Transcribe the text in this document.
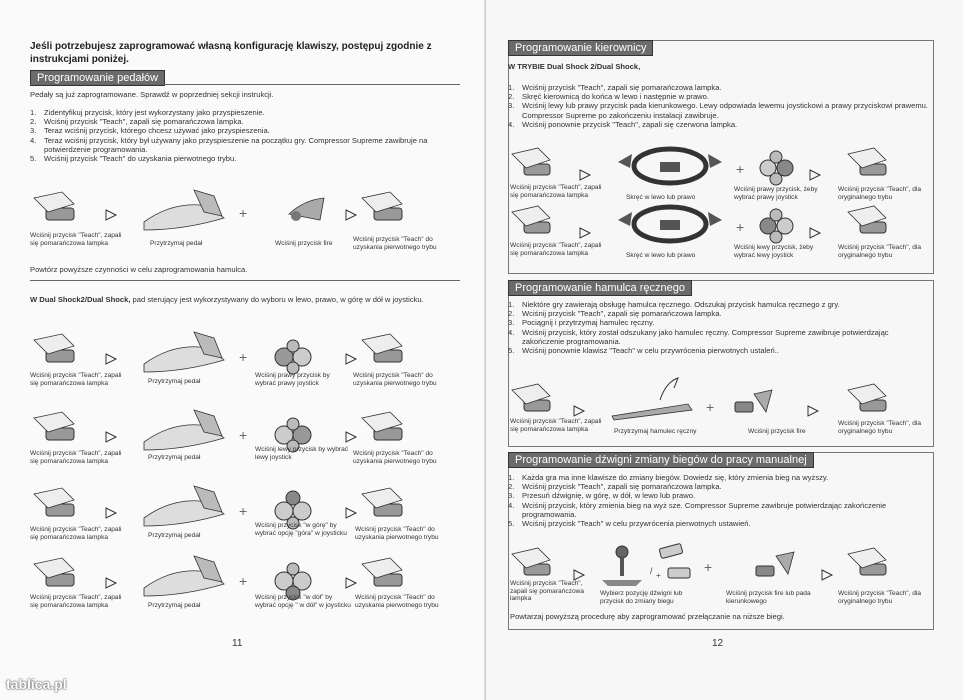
Jeśli potrzebujesz zaprogramować własną konfigurację klawiszy, postępuj zgodnie z instrukcjami poniżej.
Programowanie pedałów
Pedały są już zaprogramowane. Sprawdź w poprzedniej sekcji instrukcji.
1.	Zidentyfikuj przycisk, który jest wykorzystany jako przyspieszenie.
2.	Wciśnij przycisk "Teach", zapali się pomarańczowa lampka.
3.	Teraz wciśnij przycisk, którego chcesz używać jako przyspieszenia.
4.	Teraz wciśnij przycisk, który był używany jako przyspieszenie na początku gry. Compressor Supreme zawibruje na potwierdzenie programowania.
5.	Wciśnij przycisk "Teach" do uzyskania pierwotnego trybu.
+
Wciśnij przycisk "Teach", zapali się pomarańczowa lampka	Przytrzymaj pedał	Wciśnij przycisk fire
Wciśnij przycisk "Teach" do uzyskania pierwotnego trybu
Powtórz powyższe czynności w celu zaprogramowania hamulca.
W Dual Shock2/Dual Shock, pad sterujący jest wykorzystywany do wyboru w lewo, prawo, w górę w dół w joysticku.
+
Wciśnij przycisk "Teach", zapali się pomarańczowa lampka	Przytrzymaj pedał
Wciśnij prawy przycisk by wybrać prawy joystick
Wciśnij przycisk "Teach" do uzyskania pierwotnego trybu
+
Wciśnij przycisk "Teach", zapali się pomarańczowa lampka
Przytrzymaj pedał
Wciśnij lewy przycisk by wybrać lewy joystick
Wciśnij przycisk "Teach" do uzyskania pierwotnego trybu
+
Wciśnij przycisk "Teach", zapali się pomarańczowa lampka	Przytrzymaj pedał
Wciśnij przycisk "w górę" by wybrać opcję "góra" w joysticku
Wciśnij przycisk "Teach" do uzyskania pierwotnego trybu
+
Wciśnij przycisk "Teach", zapali się pomarańczowa lampka	Przytrzymaj pedał
Wciśnij przycisk "w dół" by wybrać opcję " w dół" w joysticku
Wciśnij przycisk "Teach" do uzyskania pierwotnego trybu
11
Programowanie kierownicy
W TRYBIE Dual Shock 2/Dual Shock,
1.	Wciśnij przycisk "Teach", zapali się pomarańczowa lampka.
2.	Skręć kierownicą do końca w lewo i następnie w prawo.
3.	Wciśnij lewy lub prawy przycisk pada kierunkowego. Lewy odpowiada lewemu joystickowi a prawy przyciskowi prawemu. Compressor Supreme po zakończeniu instalacji zawibruje.
4.	Wciśnij ponownie przycisk "Teach", zapali się czerwona lampka.
+
+
Wciśnij przycisk "Teach", zapali się pomarańczowa lampka	Skręć w lewo lub prawo
Wciśnij prawy przycisk, żeby wybrać prawy joystick
Wciśnij przycisk "Teach", dla oryginalnego trybu
Wciśnij przycisk "Teach", zapali się pomarańczowa lampka	Skręć w lewo lub prawo
Wciśnij lewy przycisk, żeby wybrać lewy joystick
Wciśnij przycisk "Teach", dla oryginalnego trybu
Programowanie hamulca ręcznego
1.	Niektóre gry zawierają obsługę hamulca ręcznego. Odszukaj przycisk hamulca ręcznego z gry.
2.	Wciśnij przycisk "Teach", zapali się pomarańczowa lampka.
3.	Pociągnij i przytrzymaj hamulec ręczny.
4.	Wciśnij przycisk, który został odszukany jako hamulec ręczny. Compressor Supreme zawibruje potwierdzając zakończenie programowania.
5.	Wciśnij ponownie klawisz "Teach" w celu przywrócenia pierwotnych ustaleń..
+
Wciśnij przycisk "Teach", zapali się pomarańczowa lampka	Przytrzymaj hamulec ręczny	Wciśnij przycisk fire
Wciśnij przycisk "Teach", dla oryginalnego trybu
Programowanie dźwigni zmiany biegów do pracy manualnej
1.	Każda gra ma inne klawisze do zmiany biegów. Dowiedz się, który zmienia bieg na wyższy.
2.	Wciśnij przycisk "Teach", zapali się pomarańczowa lampka.
3.	Przesuń dźwignię, w górę, w dół, w lewo lub prawo.
4.	Wciśnij przycisk, który zmienia bieg na wyż sze. Compressor Supreme zawibruje potwierdzając zakończenie programowania.
5.	Wciśnij przycisk "Teach" w celu przywrócenia pierwotnych ustawień.
/ +
+
Wciśnij przycisk "Teach", zapali się pomarańczowa lampka
Wybierz pozycję dźwigni lub przycisk do zmiany biegu
Wciśnij przycisk fire lub pada kierunkowego
Wciśnij przycisk "Teach", dla oryginalnego trybu
Powtarzaj powyższą procedurę aby zaprogramować przełączanie na niższe biegi.
12
tablica.pl
